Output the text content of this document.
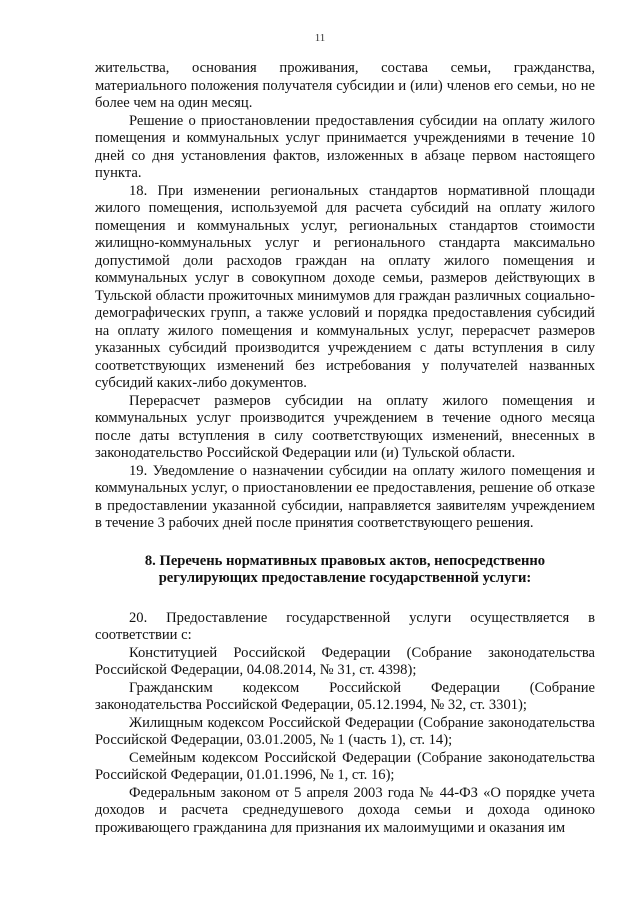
11

жительства, основания проживания, состава семьи, гражданства, материального положения получателя субсидии и (или) членов его семьи, но не более чем на один месяц.

Решение о приостановлении предоставления субсидии на оплату жилого помещения и коммунальных услуг принимается учреждениями в течение 10 дней со дня установления фактов, изложенных в абзаце первом настоящего пункта.

18. При изменении региональных стандартов нормативной площади жилого помещения, используемой для расчета субсидий на оплату жилого помещения и коммунальных услуг, региональных стандартов стоимости жилищно-коммунальных услуг и регионального стандарта максимально допустимой доли расходов граждан на оплату жилого помещения и коммунальных услуг в совокупном доходе семьи, размеров действующих в Тульской области прожиточных минимумов для граждан различных социально-демографических групп, а также условий и порядка предоставления субсидий на оплату жилого помещения и коммунальных услуг, перерасчет размеров указанных субсидий производится учреждением с даты вступления в силу соответствующих изменений без истребования у получателей названных субсидий каких-либо документов.

Перерасчет размеров субсидии на оплату жилого помещения и коммунальных услуг производится учреждением в течение одного месяца после даты вступления в силу соответствующих изменений, внесенных в законодательство Российской Федерации или (и) Тульской области.

19. Уведомление о назначении субсидии на оплату жилого помещения и коммунальных услуг, о приостановлении ее предоставления, решение об отказе в предоставлении указанной субсидии, направляется заявителям учреждением в течение 3 рабочих дней после принятия соответствующего решения.

8. Перечень нормативных правовых актов, непосредственно регулирующих предоставление государственной услуги:

20. Предоставление государственной услуги осуществляется в соответствии с:

Конституцией Российской Федерации (Собрание законодательства Российской Федерации, 04.08.2014, № 31, ст. 4398);

Гражданским кодексом Российской Федерации (Собрание законодательства Российской Федерации, 05.12.1994, № 32, ст. 3301);

Жилищным кодексом Российской Федерации (Собрание законодательства Российской Федерации, 03.01.2005, № 1 (часть 1), ст. 14);

Семейным кодексом Российской Федерации (Собрание законодательства Российской Федерации, 01.01.1996, № 1, ст. 16);

Федеральным законом от 5 апреля 2003 года № 44-ФЗ «О порядке учета доходов и расчета среднедушевого дохода семьи и дохода одиноко проживающего гражданина для признания их малоимущими и оказания им
